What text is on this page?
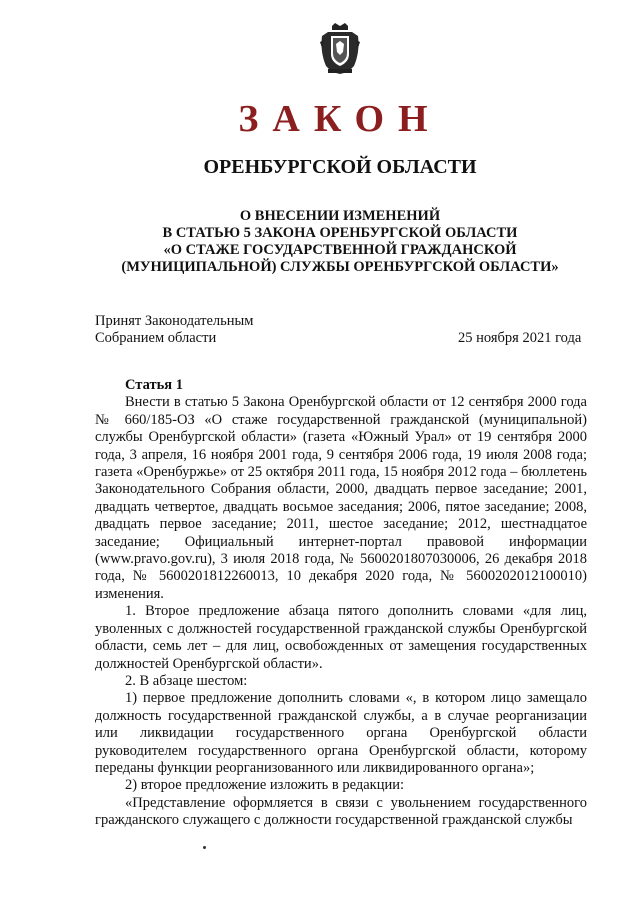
ЗАКОН
ОРЕНБУРГСКОЙ ОБЛАСТИ
О ВНЕСЕНИИ ИЗМЕНЕНИЙ
В СТАТЬЮ 5 ЗАКОНА ОРЕНБУРГСКОЙ ОБЛАСТИ
«О СТАЖЕ ГОСУДАРСТВЕННОЙ ГРАЖДАНСКОЙ
(МУНИЦИПАЛЬНОЙ) СЛУЖБЫ ОРЕНБУРГСКОЙ ОБЛАСТИ»
Принят Законодательным
Собранием области	25 ноября 2021 года

Статья 1

Внести в статью 5 Закона Оренбургской области от 12 сентября 2000 года № 660/185-ОЗ «О стаже государственной гражданской (муниципальной) службы Оренбургской области» (газета «Южный Урал» от 19 сентября 2000 года, 3 апреля, 16 ноября 2001 года, 9 сентября 2006 года, 19 июля 2008 года; газета «Оренбуржье» от 25 октября 2011 года, 15 ноября 2012 года – бюллетень Законодательного Собрания области, 2000, двадцать первое заседание; 2001, двадцать четвертое, двадцать восьмое заседания; 2006, пятое заседание; 2008, двадцать первое заседание; 2011, шестое заседание; 2012, шестнадцатое заседание; Официальный интернет-портал правовой информации (www.pravo.gov.ru), 3 июля 2018 года, № 5600201807030006, 26 декабря 2018 года, № 5600201812260013, 10 декабря 2020 года, № 5600202012100010) изменения.

1. Второе предложение абзаца пятого дополнить словами «для лиц, уволенных с должностей государственной гражданской службы Оренбургской области, семь лет – для лиц, освобожденных от замещения государственных должностей Оренбургской области».

2. В абзаце шестом:

1) первое предложение дополнить словами «, в котором лицо замещало должность государственной гражданской службы, а в случае реорганизации или ликвидации государственного органа Оренбургской области руководителем государственного органа Оренбургской области, которому переданы функции реорганизованного или ликвидированного органа»;

2) второе предложение изложить в редакции:

«Представление оформляется в связи с увольнением государственного гражданского служащего с должности государственной гражданской службы
